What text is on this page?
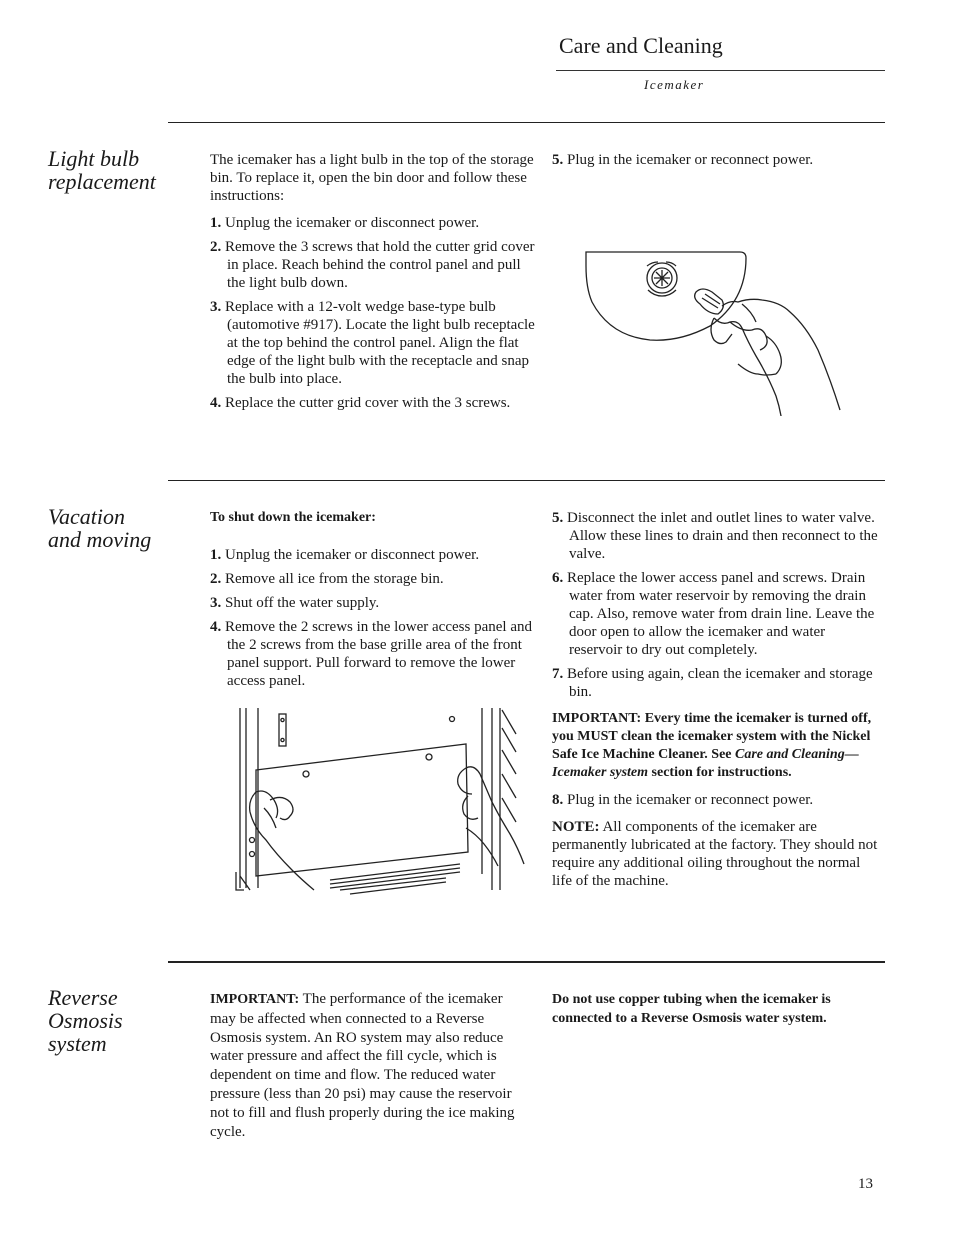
Care and Cleaning
Icemaker
Light bulb
replacement

The icemaker has a light bulb in the top of the storage bin. To replace it, open the bin door and follow these instructions:

1. Unplug the icemaker or disconnect power.
2. Remove the 3 screws that hold the cutter grid cover in place. Reach behind the control panel and pull the light bulb down.
3. Replace with a 12-volt wedge base-type bulb (automotive #917). Locate the light bulb receptacle at the top behind the control panel. Align the flat edge of the light bulb with the receptacle and snap the bulb into place.
4. Replace the cutter grid cover with the 3 screws.
5. Plug in the icemaker or reconnect power.
Vacation
and moving

To shut down the icemaker:

1. Unplug the icemaker or disconnect power.
2. Remove all ice from the storage bin.
3. Shut off the water supply.
4. Remove the 2 screws in the lower access panel and the 2 screws from the base grille area of the front panel support. Pull forward to remove the lower access panel.
5. Disconnect the inlet and outlet lines to water valve. Allow these lines to drain and then reconnect to the valve.
6. Replace the lower access panel and screws. Drain water from water reservoir by removing the drain cap. Also, remove water from drain line. Leave the door open to allow the icemaker and water reservoir to dry out completely.
7. Before using again, clean the icemaker and storage bin.

IMPORTANT: Every time the icemaker is turned off, you MUST clean the icemaker system with the Nickel Safe Ice Machine Cleaner. See Care and Cleaning—Icemaker system section for instructions.

8. Plug in the icemaker or reconnect power.

NOTE: All components of the icemaker are permanently lubricated at the factory. They should not require any additional oiling throughout the normal life of the machine.

Reverse
Osmosis
system

IMPORTANT: The performance of the icemaker may be affected when connected to a Reverse Osmosis system. An RO system may also reduce water pressure and affect the fill cycle, which is dependent on time and flow. The reduced water pressure (less than 20 psi) may cause the reservoir not to fill and flush properly during the ice making cycle.

Do not use copper tubing when the icemaker is connected to a Reverse Osmosis water system.

13
